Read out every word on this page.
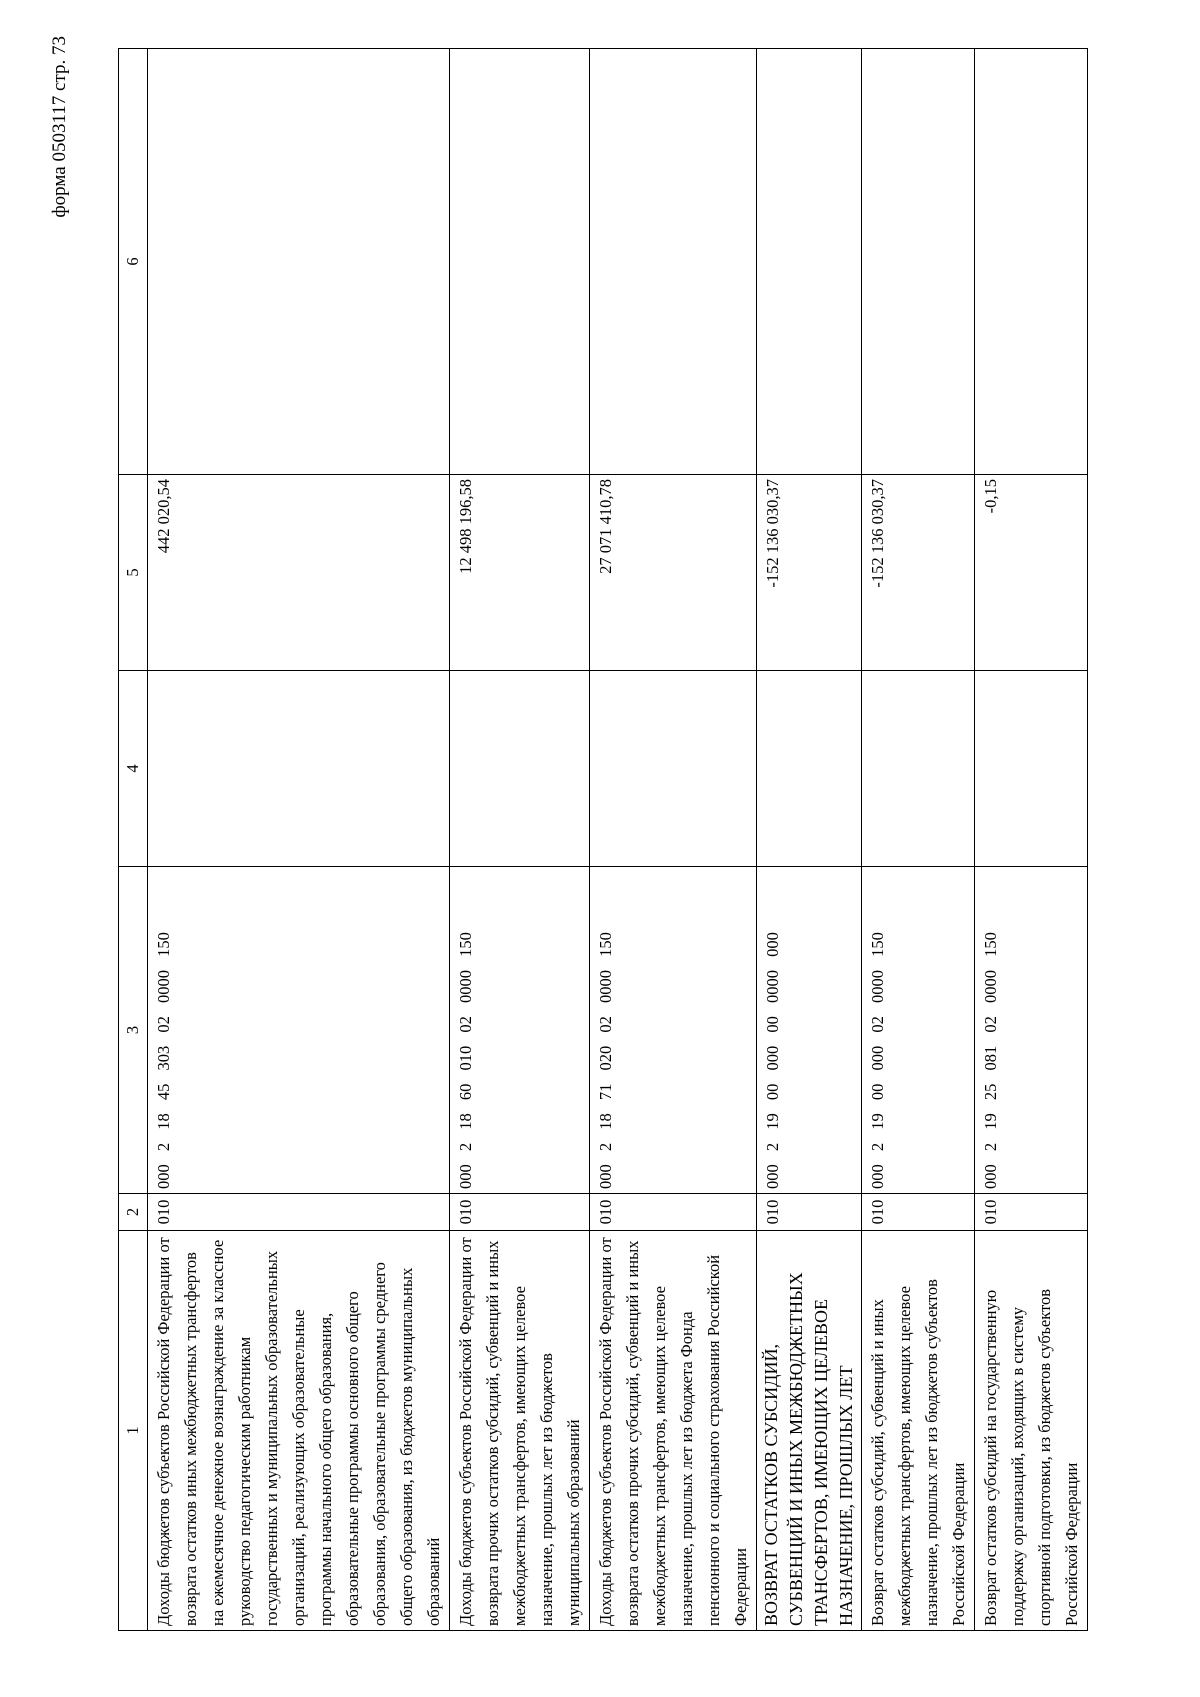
форма 0503117 стр. 73
1	2	3	4	5	6
Доходы бюджетов субъектов Российской Федерации от возврата остатков иных межбюджетных трансфертов на ежемесячное денежное вознаграждение за классное руководство педагогическим работникам государственных и муниципальных образовательных организаций, реализующих образовательные программы начального общего образования, образовательные программы основного общего образования, образовательные программы среднего общего образования, из бюджетов муниципальных образований	010	000 2 18 45 303 02 0000 150		442 020,54	
Доходы бюджетов субъектов Российской Федерации от возврата прочих остатков субсидий, субвенций и иных межбюджетных трансфертов, имеющих целевое назначение, прошлых лет из бюджетов муниципальных образований	010	000 2 18 60 010 02 0000 150		12 498 196,58	
Доходы бюджетов субъектов Российской Федерации от возврата остатков прочих субсидий, субвенций и иных межбюджетных трансфертов, имеющих целевое назначение, прошлых лет из бюджета Фонда пенсионного и социального страхования Российской Федерации	010	000 2 18 71 020 02 0000 150		27 071 410,78	
ВОЗВРАТ ОСТАТКОВ СУБСИДИЙ, СУБВЕНЦИЙ И ИНЫХ МЕЖБЮДЖЕТНЫХ ТРАНСФЕРТОВ, ИМЕЮЩИХ ЦЕЛЕВОЕ НАЗНАЧЕНИЕ, ПРОШЛЫХ ЛЕТ	010	000 2 19 00 000 00 0000 000		-152 136 030,37	
Возврат остатков субсидий, субвенций и иных межбюджетных трансфертов, имеющих целевое назначение, прошлых лет из бюджетов субъектов Российской Федерации	010	000 2 19 00 000 02 0000 150		-152 136 030,37	
Возврат остатков субсидий на государственную поддержку организаций, входящих в систему спортивной подготовки, из бюджетов субъектов Российской Федерации	010	000 2 19 25 081 02 0000 150		-0,15	
